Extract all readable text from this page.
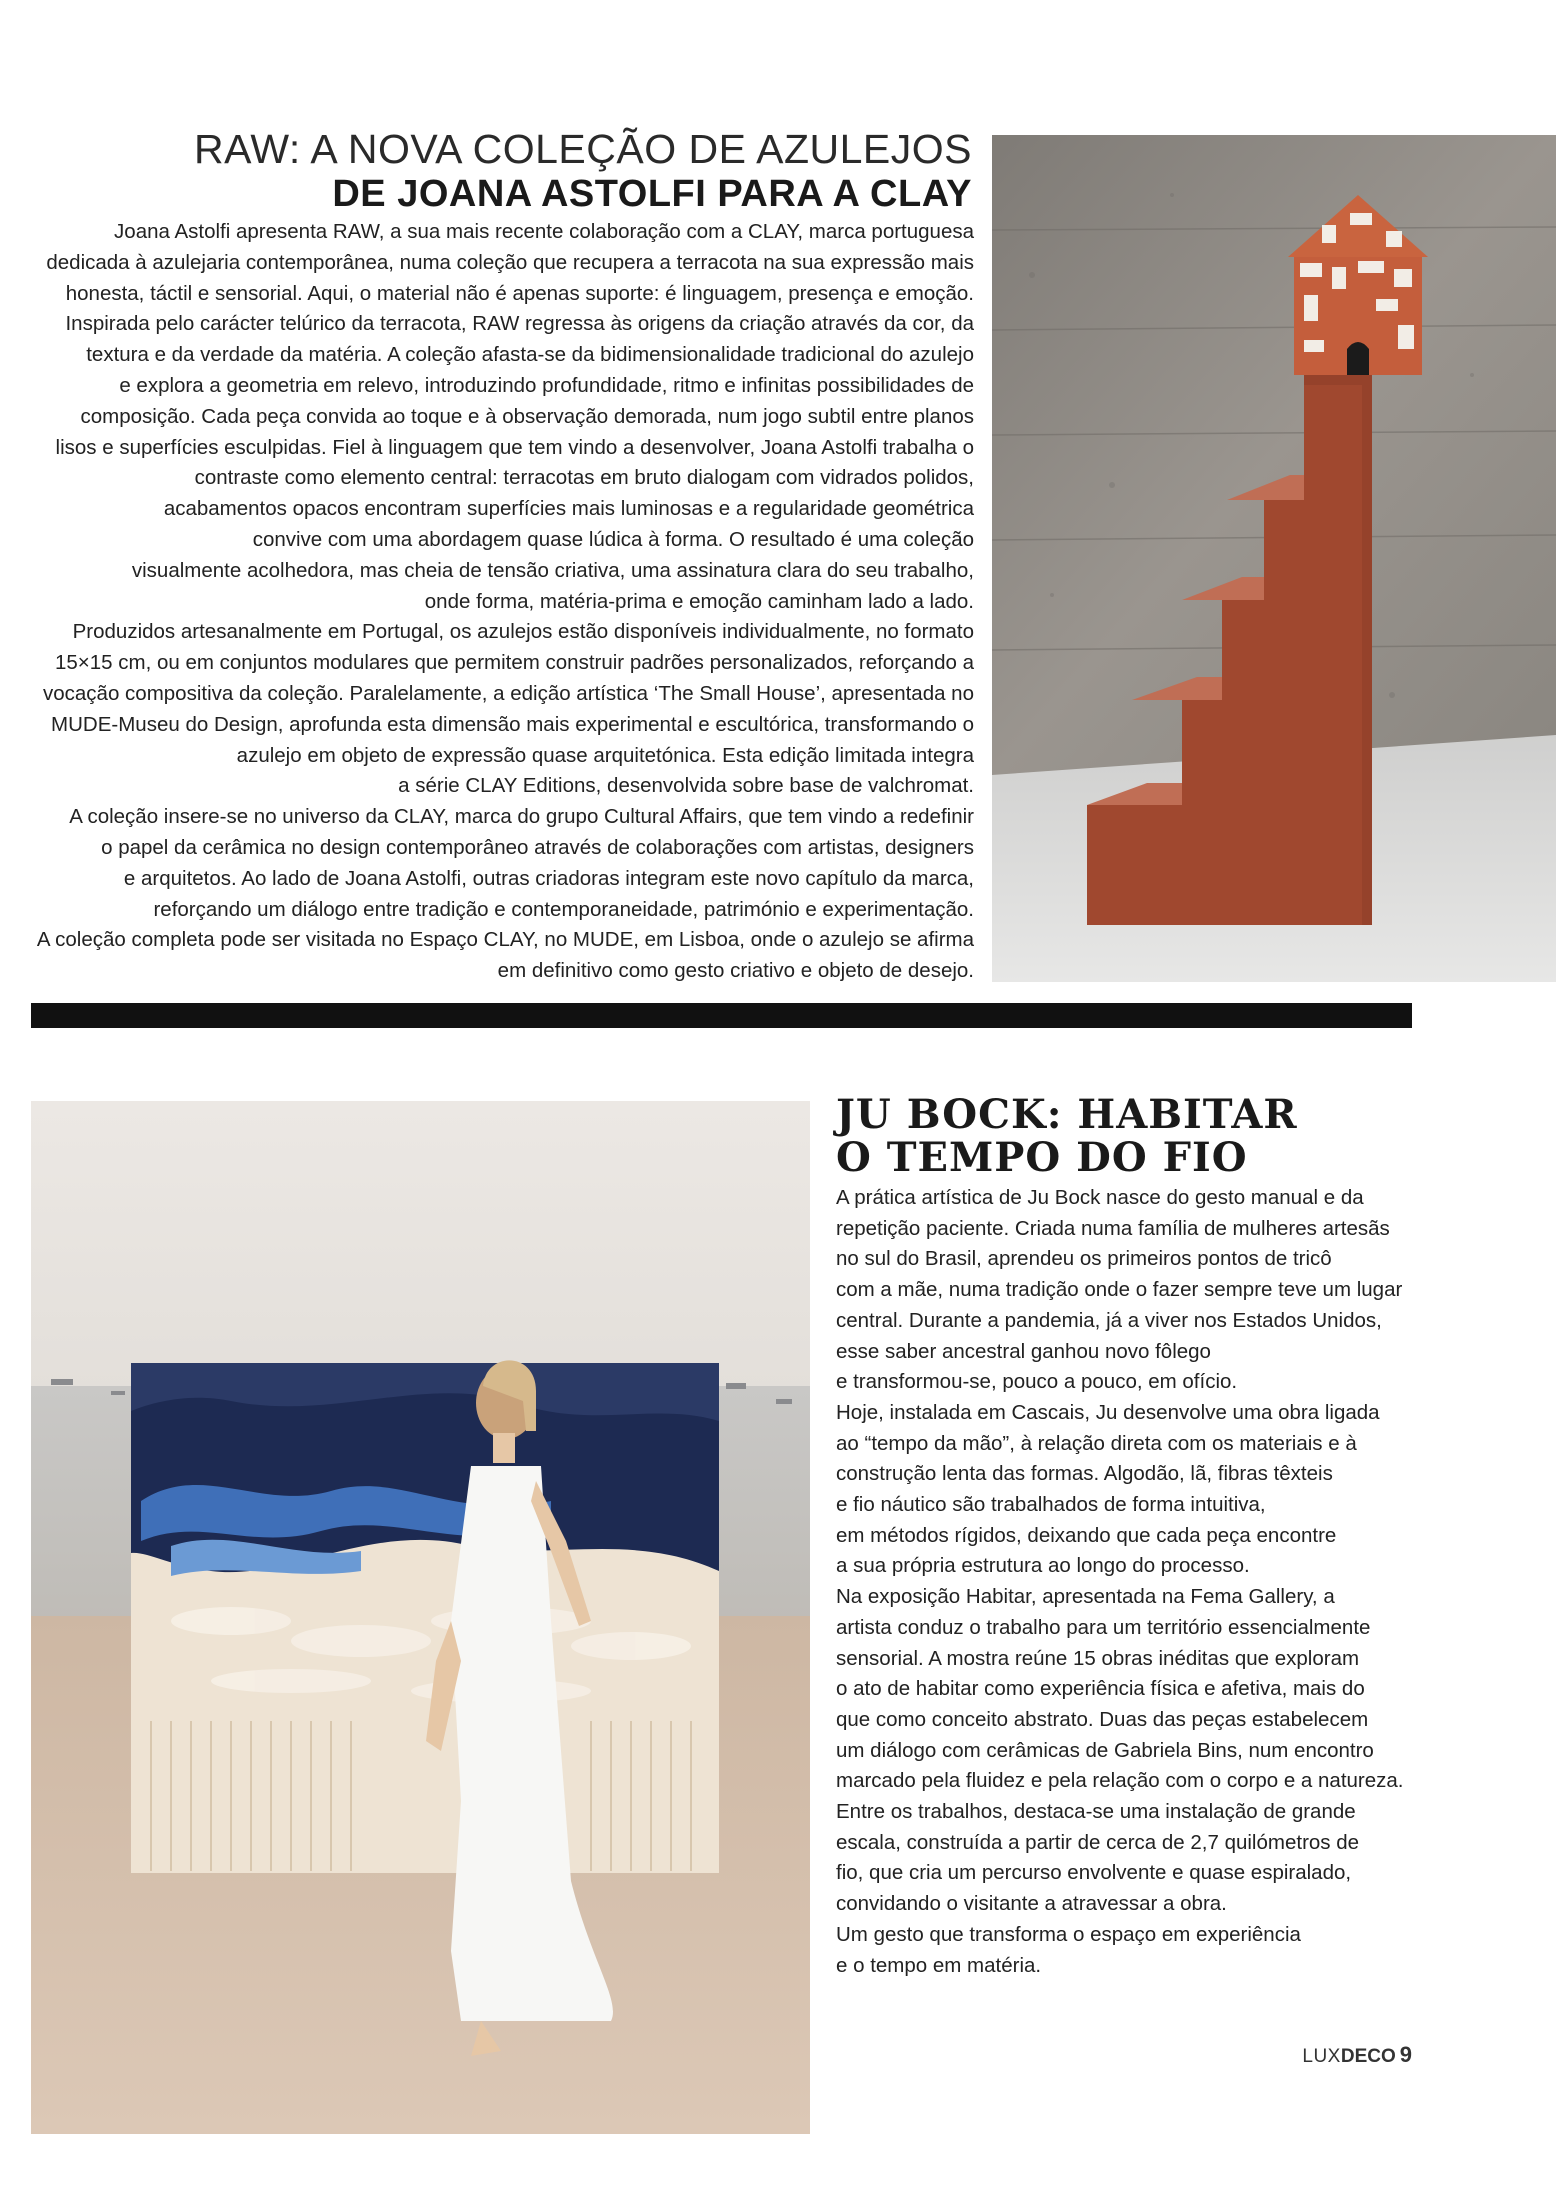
RAW: A NOVA COLEÇÃO DE AZULEJOS
DE JOANA ASTOLFI PARA A CLAY

Joana Astolfi apresenta RAW, a sua mais recente colaboração com a CLAY, marca portuguesa

dedicada à azulejaria contemporânea, numa coleção que recupera a terracota na sua expressão mais

honesta, táctil e sensorial. Aqui, o material não é apenas suporte: é linguagem, presença e emoção.

Inspirada pelo carácter telúrico da terracota, RAW regressa às origens da criação através da cor, da

textura e da verdade da matéria. A coleção afasta-se da bidimensionalidade tradicional do azulejo

e explora a geometria em relevo, introduzindo profundidade, ritmo e infinitas possibilidades de

composição. Cada peça convida ao toque e à observação demorada, num jogo subtil entre planos

lisos e superfícies esculpidas. Fiel à linguagem que tem vindo a desenvolver, Joana Astolfi trabalha o

contraste como elemento central: terracotas em bruto dialogam com vidrados polidos,

acabamentos opacos encontram superfícies mais luminosas e a regularidade geométrica

convive com uma abordagem quase lúdica à forma. O resultado é uma coleção

visualmente acolhedora, mas cheia de tensão criativa, uma assinatura clara do seu trabalho,

onde forma, matéria-prima e emoção caminham lado a lado.

Produzidos artesanalmente em Portugal, os azulejos estão disponíveis individualmente, no formato

15×15 cm, ou em conjuntos modulares que permitem construir padrões personalizados, reforçando a

vocação compositiva da coleção. Paralelamente, a edição artística ‘The Small House’, apresentada no

MUDE-Museu do Design, aprofunda esta dimensão mais experimental e escultórica, transformando o

azulejo em objeto de expressão quase arquitetónica. Esta edição limitada integra

a série CLAY Editions, desenvolvida sobre base de valchromat.

A coleção insere-se no universo da CLAY, marca do grupo Cultural Affairs, que tem vindo a redefinir

o papel da cerâmica no design contemporâneo através de colaborações com artistas, designers

e arquitetos. Ao lado de Joana Astolfi, outras criadoras integram este novo capítulo da marca,

reforçando um diálogo entre tradição e contemporaneidade, património e experimentação.

A coleção completa pode ser visitada no Espaço CLAY, no MUDE, em Lisboa, onde o azulejo se afirma

em definitivo como gesto criativo e objeto de desejo.

JU BOCK: HABITAR
O TEMPO DO FIO

A prática artística de Ju Bock nasce do gesto manual e da

repetição paciente. Criada numa família de mulheres artesãs

no sul do Brasil, aprendeu os primeiros pontos de tricô

com a mãe, numa tradição onde o fazer sempre teve um lugar

central. Durante a pandemia, já a viver nos Estados Unidos,

esse saber ancestral ganhou novo fôlego

e transformou-se, pouco a pouco, em ofício.

Hoje, instalada em Cascais, Ju desenvolve uma obra ligada

ao “tempo da mão”, à relação direta com os materiais e à

construção lenta das formas. Algodão, lã, fibras têxteis

e fio náutico são trabalhados de forma intuitiva,

em métodos rígidos, deixando que cada peça encontre

a sua própria estrutura ao longo do processo.

Na exposição Habitar, apresentada na Fema Gallery, a

artista conduz o trabalho para um território essencialmente

sensorial. A mostra reúne 15 obras inéditas que exploram

o ato de habitar como experiência física e afetiva, mais do

que como conceito abstrato. Duas das peças estabelecem

um diálogo com cerâmicas de Gabriela Bins, num encontro

marcado pela fluidez e pela relação com o corpo e a natureza.

Entre os trabalhos, destaca-se uma instalação de grande

escala, construída a partir de cerca de 2,7 quilómetros de

fio, que cria um percurso envolvente e quase espiralado,

convidando o visitante a atravessar a obra.

Um gesto que transforma o espaço em experiência

e o tempo em matéria.

LUXDECO 9
